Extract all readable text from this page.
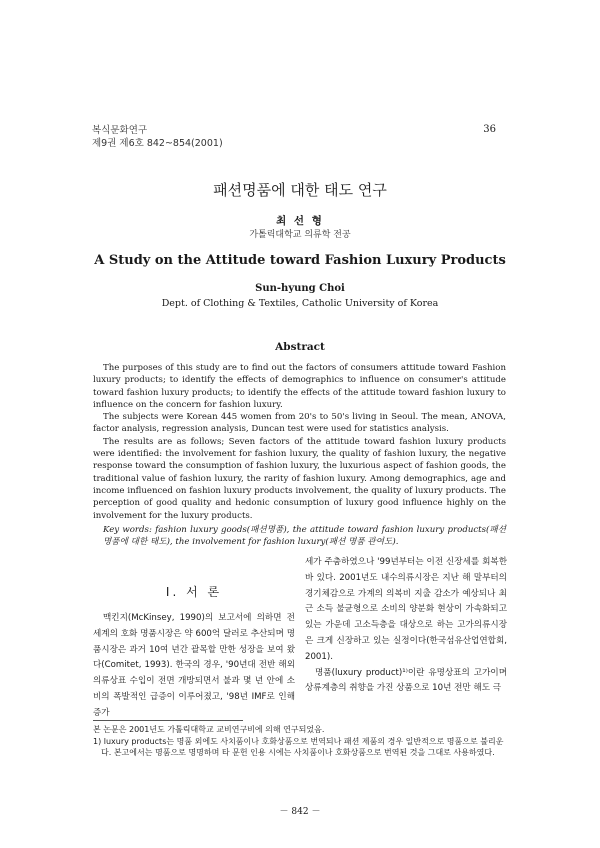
복식문화연구
제9권 제6호 842~854(2001)
36
패션명품에 대한 태도 연구
최 선 형
가톨릭대학교 의류학 전공
A Study on the Attitude toward Fashion Luxury Products
Sun-hyung Choi
Dept. of Clothing & Textiles, Catholic University of Korea
Abstract

The purposes of this study are to find out the factors of consumers attitude toward Fashion luxury products; to identify the effects of demographics to influence on consumer's attitude toward fashion luxury products; to identify the effects of the attitude toward fashion luxury to influence on the concern for fashion luxury.

The subjects were Korean 445 women from 20's to 50's living in Seoul. The mean, ANOVA, factor analysis, regression analysis, Duncan test were used for statistics analysis.

The results are as follows; Seven factors of the attitude toward fashion luxury products were identified: the involvement for fashion luxury, the quality of fashion luxury, the negative response toward the consumption of fashion luxury, the luxurious aspect of fashion goods, the traditional value of fashion luxury, the rarity of fashion luxury. Among demographics, age and income influenced on fashion luxury products involvement, the quality of luxury products. The perception of good quality and hedonic consumption of luxury good influence highly on the involvement for the luxury products.

Key words: fashion luxury goods(패션명품), the attitude toward fashion luxury products(패션명품에 대한 태도), the involvement for fashion luxury(패션 명품 관여도).
Ⅰ. 서 론

맥킨지(McKinsey, 1990)의 보고서에 의하면 전 세계의 호화 명품시장은 약 600억 달러로 추산되며 명품시장은 과거 10여 년간 괄목할 만한 성장을 보여 왔다(Comitet, 1993). 한국의 경우, '90년대 전반 해외의류상표 수입이 전면 개방되면서 불과 몇 년 안에 소비의 폭발적인 급증이 이루어졌고, '98년 IMF로 인해 증가

세가 주춤하였으나 '99년부터는 이전 신장세를 회복한 바 있다. 2001년도 내수의류시장은 지난 해 말부터의 경기체감으로 가계의 의복비 지출 감소가 예상되나 최근 소득 불균형으로 소비의 양분화 현상이 가속화되고 있는 가운데 고소득층을 대상으로 하는 고가의류시장은 크게 신장하고 있는 실정이다(한국섬유산업연합회, 2001).

명품(luxury product)¹⁾이란 유명상표의 고가이며 상류계층의 취향을 가진 상품으로 10년 전만 해도 극

본 논문은 2001년도 가톨릭대학교 교비연구비에 의해 연구되었음.
1) luxury products는 명품 외에도 사치품이나 호화상품으로 번역되나 패션 제품의 경우 일반적으로 명품으로 불리운다. 본고에서는 명품으로 명명하며 타 문헌 인용 시에는 사치품이나 호화상품으로 번역된 것을 그대로 사용하였다.
－ 842 －
